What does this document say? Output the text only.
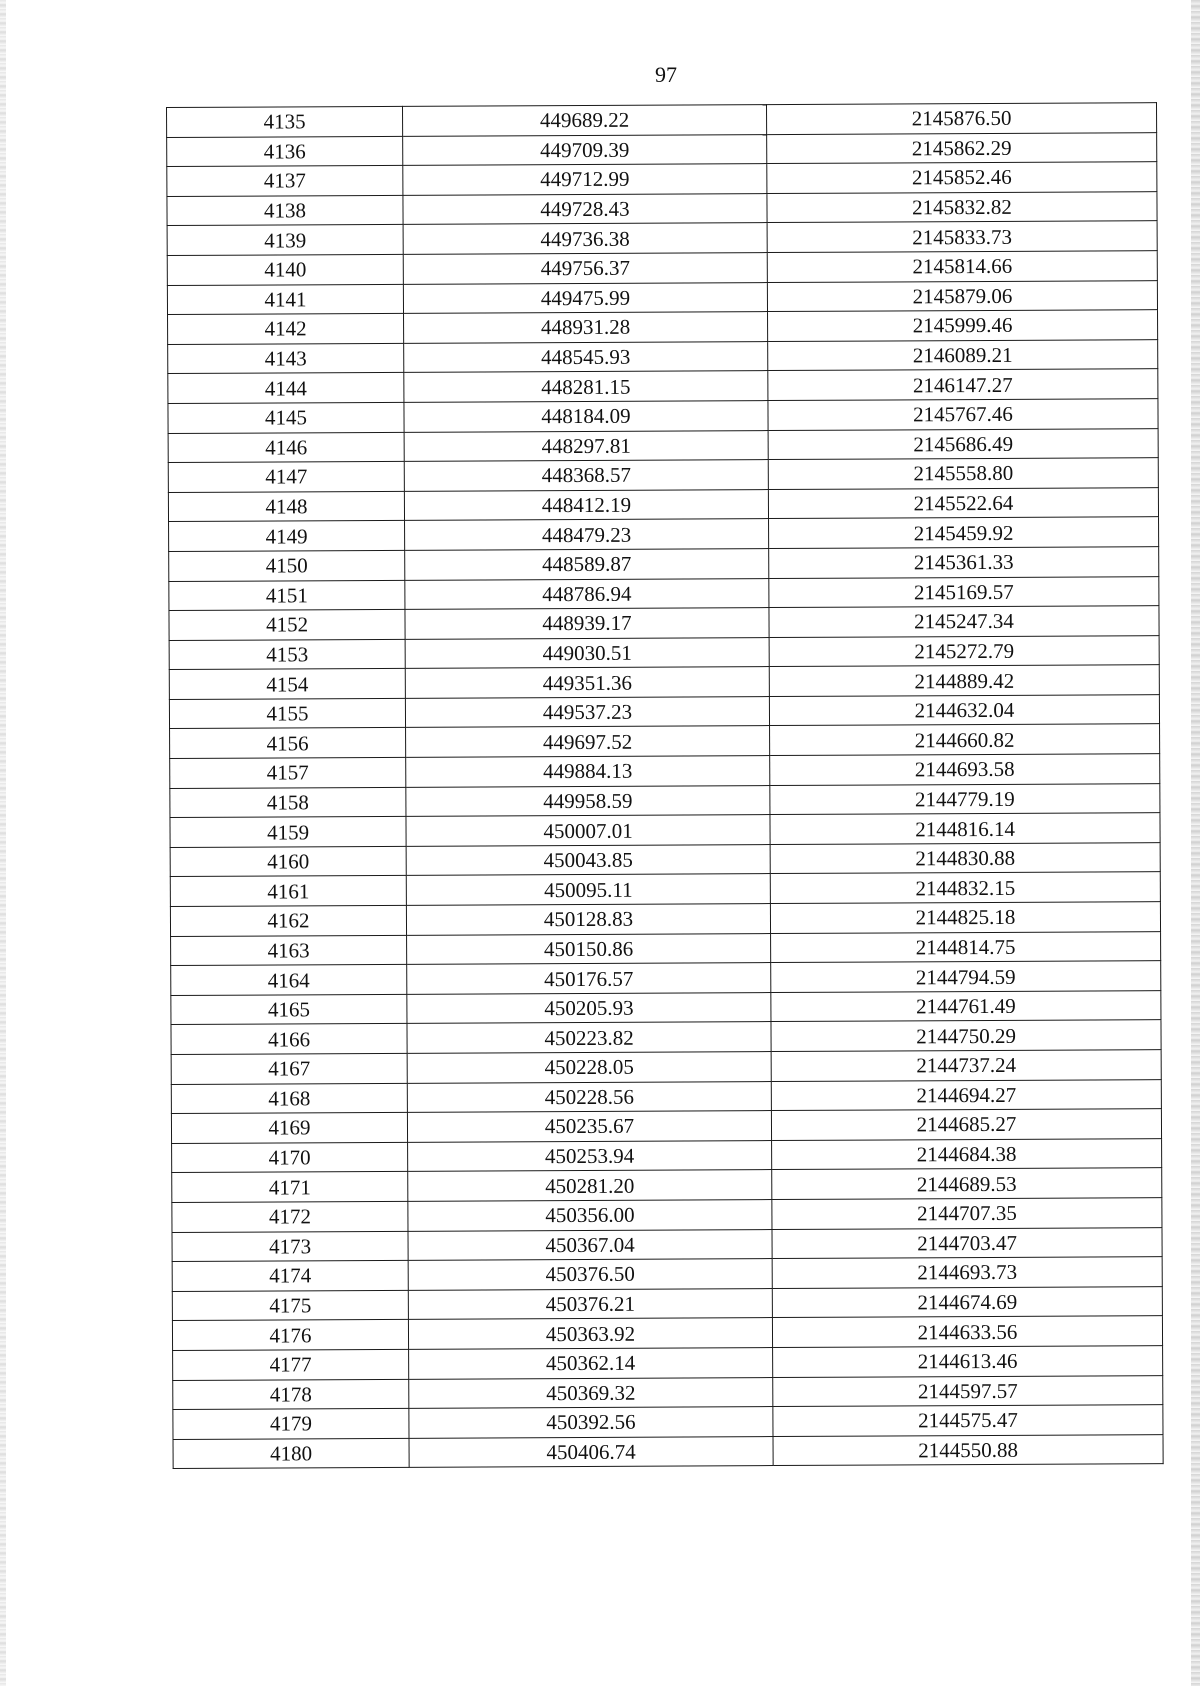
97
4135	449689.22	2145876.50
4136	449709.39	2145862.29
4137	449712.99	2145852.46
4138	449728.43	2145832.82
4139	449736.38	2145833.73
4140	449756.37	2145814.66
4141	449475.99	2145879.06
4142	448931.28	2145999.46
4143	448545.93	2146089.21
4144	448281.15	2146147.27
4145	448184.09	2145767.46
4146	448297.81	2145686.49
4147	448368.57	2145558.80
4148	448412.19	2145522.64
4149	448479.23	2145459.92
4150	448589.87	2145361.33
4151	448786.94	2145169.57
4152	448939.17	2145247.34
4153	449030.51	2145272.79
4154	449351.36	2144889.42
4155	449537.23	2144632.04
4156	449697.52	2144660.82
4157	449884.13	2144693.58
4158	449958.59	2144779.19
4159	450007.01	2144816.14
4160	450043.85	2144830.88
4161	450095.11	2144832.15
4162	450128.83	2144825.18
4163	450150.86	2144814.75
4164	450176.57	2144794.59
4165	450205.93	2144761.49
4166	450223.82	2144750.29
4167	450228.05	2144737.24
4168	450228.56	2144694.27
4169	450235.67	2144685.27
4170	450253.94	2144684.38
4171	450281.20	2144689.53
4172	450356.00	2144707.35
4173	450367.04	2144703.47
4174	450376.50	2144693.73
4175	450376.21	2144674.69
4176	450363.92	2144633.56
4177	450362.14	2144613.46
4178	450369.32	2144597.57
4179	450392.56	2144575.47
4180	450406.74	2144550.88
